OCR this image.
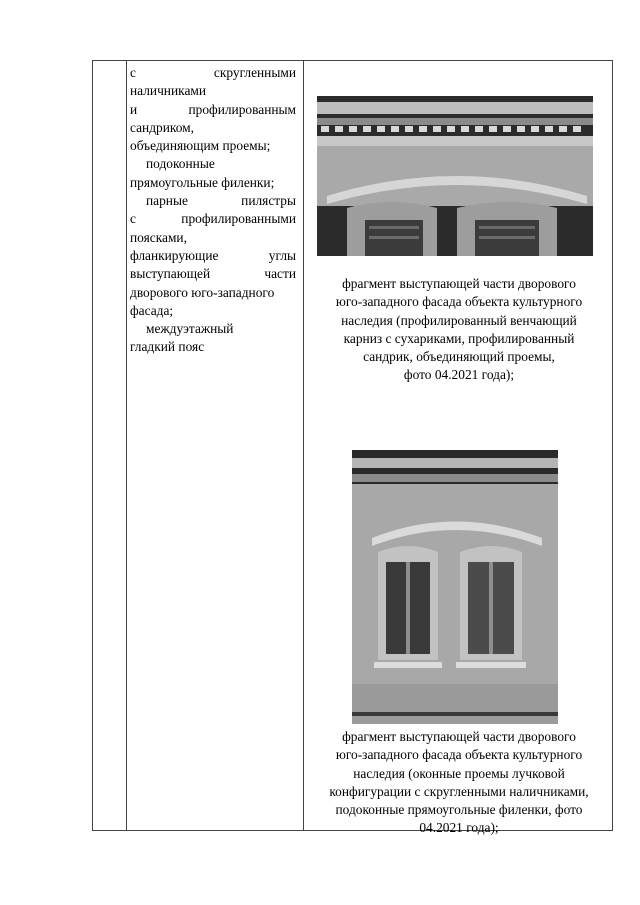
с скругленными

наличниками

и профилированным

сандриком,

объединяющим проемы;

подоконные

прямоугольные филенки;

парные пилястры

с профилированными

поясками,

фланкирующие углы

выступающей части

дворового юго-западного

фасада;

междуэтажный

гладкий пояс

фрагмент выступающей части дворового
юго-западного фасада объекта культурного
наследия (профилированный венчающий
карниз с сухариками, профилированный
сандрик, объединяющий проемы,
фото 04.2021 года);
фрагмент выступающей части дворового
юго-западного фасада объекта культурного
наследия (оконные проемы лучковой
конфигурации с скругленными наличниками,
подоконные прямоугольные филенки, фото
04.2021 года);
